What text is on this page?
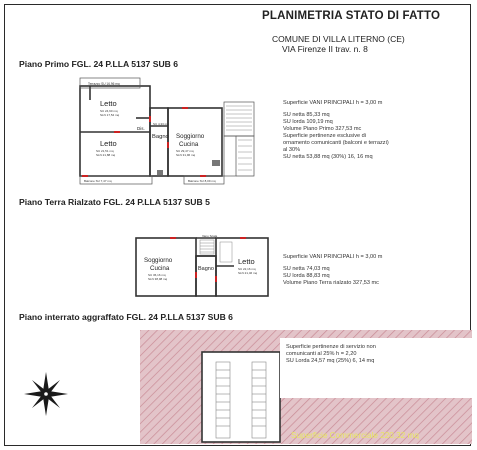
PLANIMETRIA STATO DI FATTO
COMUNE DI VILLA LITERNO (CE)
VIA Firenze II trav. n. 8
Piano Primo FGL. 24 P.LLA 5137 SUB 6
Terrazzo SU 16,96 mq
Letto
SU 24,90 mq
SLN 17,54 mq
Letto
SU 21,51 mq
SLN 21,88 mq
Dis.
SU 4,33 mq
Bagno Soggiorno
Cucina
SU 29,47 mq
SLN 31,96 mq
Balcone SU 7,47 mq	Balcone SU 8,09 mq
Superficie VANI PRINCIPALI h = 3,00 m
SU netta 85,33 mq
SU lorda 109,19 mq
Volume Piano Primo 327,53 mc
Superficie pertinenze esclusive di
ornamento comunicanti (balconi e terrazzi)
al 30%
SU netta 53,88 mq (30%) 16, 16 mq
Piano Terra Rialzato FGL. 24 P.LLA 5137 SUB 5
Vano Scala
Soggiorno
Cucina
SU 36,16 mq
SLN 38,98 mq
Bagno
Letto
SU 22,16 mq
SLN 21,46 mq
Superficie VANI PRINCIPALI h = 3,00 m
SU netta 74,03 mq
SU lorda 88,83 mq
Volume Piano Terra rialzato 327,53 mc
Piano interrato aggraffato FGL. 24 P.LLA 5137 SUB 6
Superficie pertinenze di servizio non
comunicanti al 25% h = 2,20
SU Lorda 24,57 mq (25%) 6, 14 mq
Superficie Commerciale 220,32 mq
